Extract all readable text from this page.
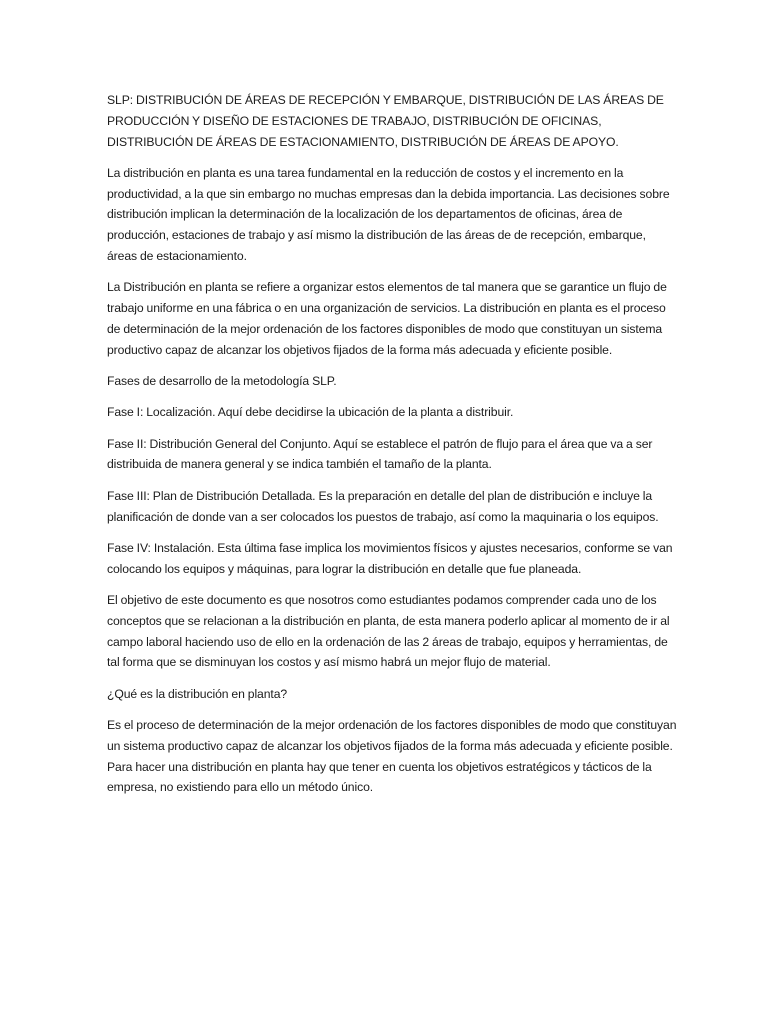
SLP: DISTRIBUCIÓN DE ÁREAS DE RECEPCIÓN Y EMBARQUE, DISTRIBUCIÓN DE LAS ÁREAS DE PRODUCCIÓN Y DISEÑO DE ESTACIONES DE TRABAJO, DISTRIBUCIÓN DE OFICINAS, DISTRIBUCIÓN DE ÁREAS DE ESTACIONAMIENTO, DISTRIBUCIÓN DE ÁREAS DE APOYO.

La distribución en planta es una tarea fundamental en la reducción de costos y el incremento en la productividad, a la que sin embargo no muchas empresas dan la debida importancia. Las decisiones sobre distribución implican la determinación de la localización de los departamentos de oficinas, área de producción, estaciones de trabajo y así mismo la distribución de las áreas de de recepción, embarque, áreas de estacionamiento.

La Distribución en planta se refiere a organizar estos elementos de tal manera que se garantice un flujo de trabajo uniforme en una fábrica o en una organización de servicios. La distribución en planta es el proceso de determinación de la mejor ordenación de los factores disponibles de modo que constituyan un sistema productivo capaz de alcanzar los objetivos fijados de la forma más adecuada y eficiente posible.

Fases de desarrollo de la metodología SLP.

Fase I: Localización. Aquí debe decidirse la ubicación de la planta a distribuir.

Fase II: Distribución General del Conjunto. Aquí se establece el patrón de flujo para el área que va a ser distribuida de manera general y se indica también el tamaño de la planta.

Fase III: Plan de Distribución Detallada. Es la preparación en detalle del plan de distribución e incluye la planificación de donde van a ser colocados los puestos de trabajo, así como la maquinaria o los equipos.

Fase IV: Instalación. Esta última fase implica los movimientos físicos y ajustes necesarios, conforme se van colocando los equipos y máquinas, para lograr la distribución en detalle que fue planeada.

El objetivo de este documento es que nosotros como estudiantes podamos comprender cada uno de los conceptos que se relacionan a la distribución en planta, de esta manera poderlo aplicar al momento de ir al campo laboral haciendo uso de ello en la ordenación de las 2 áreas de trabajo, equipos y herramientas, de tal forma que se disminuyan los costos y así mismo habrá un mejor flujo de material.

¿Qué es la distribución en planta?

Es el proceso de determinación de la mejor ordenación de los factores disponibles de modo que constituyan un sistema productivo capaz de alcanzar los objetivos fijados de la forma más adecuada y eficiente posible. Para hacer una distribución en planta hay que tener en cuenta los objetivos estratégicos y tácticos de la empresa, no existiendo para ello un método único.
